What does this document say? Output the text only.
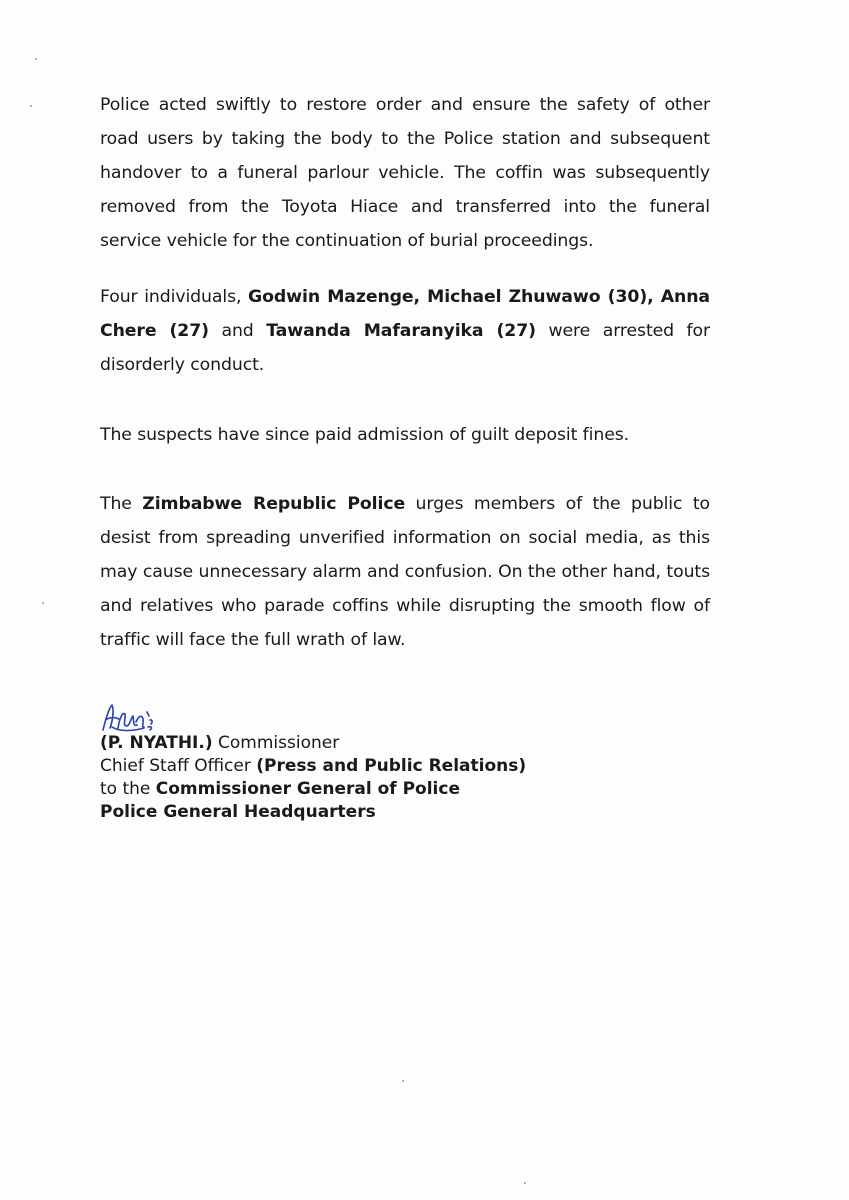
Police acted swiftly to restore order and ensure the safety of other road users by taking the body to the Police station and subsequent handover to a funeral parlour vehicle. The coffin was subsequently removed from the Toyota Hiace and transferred into the funeral service vehicle for the continuation of burial proceedings.

Four individuals, Godwin Mazenge, Michael Zhuwawo (30), Anna Chere (27) and Tawanda Mafaranyika (27) were arrested for disorderly conduct.

The suspects have since paid admission of guilt deposit fines.

The Zimbabwe Republic Police urges members of the public to desist from spreading unverified information on social media, as this may cause unnecessary alarm and confusion. On the other hand, touts and relatives who parade coffins while disrupting the smooth flow of traffic will face the full wrath of law.

(P. NYATHI.) Commissioner
Chief Staff Officer (Press and Public Relations)
to the Commissioner General of Police
Police General Headquarters
